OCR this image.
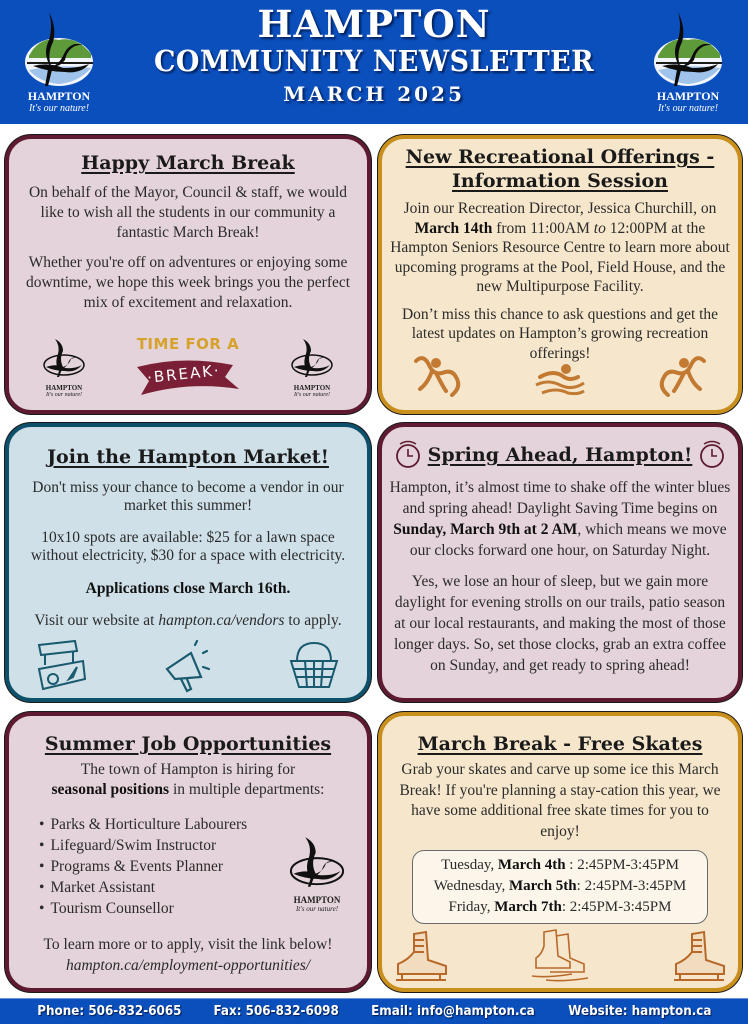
HAMPTON
It's our nature!
HAMPTON
COMMUNITY NEWSLETTER
MARCH 2025	HAMPTON
It's our nature!
Happy March Break

On behalf of the Mayor, Council & staff, we would like to wish all the students in our community a fantastic March Break!

Whether you're off on adventures or enjoying some downtime, we hope this week brings you the perfect mix of excitement and relaxation.

HAMPTON
It's our nature!
TIME FOR A
·BREAK·
HAMPTON
It's our nature!
New Recreational Offerings -
Information Session

Join our Recreation Director, Jessica Churchill, on March 14th from 11:00AM to 12:00PM at the Hampton Seniors Resource Centre to learn more about upcoming programs at the Pool, Field House, and the new Multipurpose Facility.

Don’t miss this chance to ask questions and get the latest updates on Hampton’s growing recreation offerings!

Join the Hampton Market!

Don't miss your chance to become a vendor in our market this summer!

10x10 spots are available: $25 for a lawn space without electricity, $30 for a space with electricity.

Applications close March 16th.

Visit our website at hampton.ca/vendors to apply.

Spring Ahead, Hampton!

Hampton, it’s almost time to shake off the winter blues and spring ahead! Daylight Saving Time begins on Sunday, March 9th at 2 AM, which means we move our clocks forward one hour, on Saturday Night.

Yes, we lose an hour of sleep, but we gain more daylight for evening strolls on our trails, patio season at our local restaurants, and making the most of those longer days. So, set those clocks, grab an extra coffee on Sunday, and get ready to spring ahead!

Summer Job Opportunities

The town of Hampton is hiring for
seasonal positions in multiple departments:

• Parks & Horticulture Labourers
• Lifeguard/Swim Instructor
• Programs & Events Planner
• Market Assistant
• Tourism Counsellor	HAMPTON
It's our nature!

To learn more or to apply, visit the link below!

hampton.ca/employment-opportunities/

March Break - Free Skates

Grab your skates and carve up some ice this March Break! If you're planning a stay-cation this year, we have some additional free skate times for you to enjoy!

Tuesday, March 4th : 2:45PM-3:45PM

Wednesday, March 5th: 2:45PM-3:45PM

Friday, March 7th: 2:45PM-3:45PM

Phone: 506-832-6065 Fax: 506-832-6098	Email: info@hampton.ca	Website: hampton.ca
